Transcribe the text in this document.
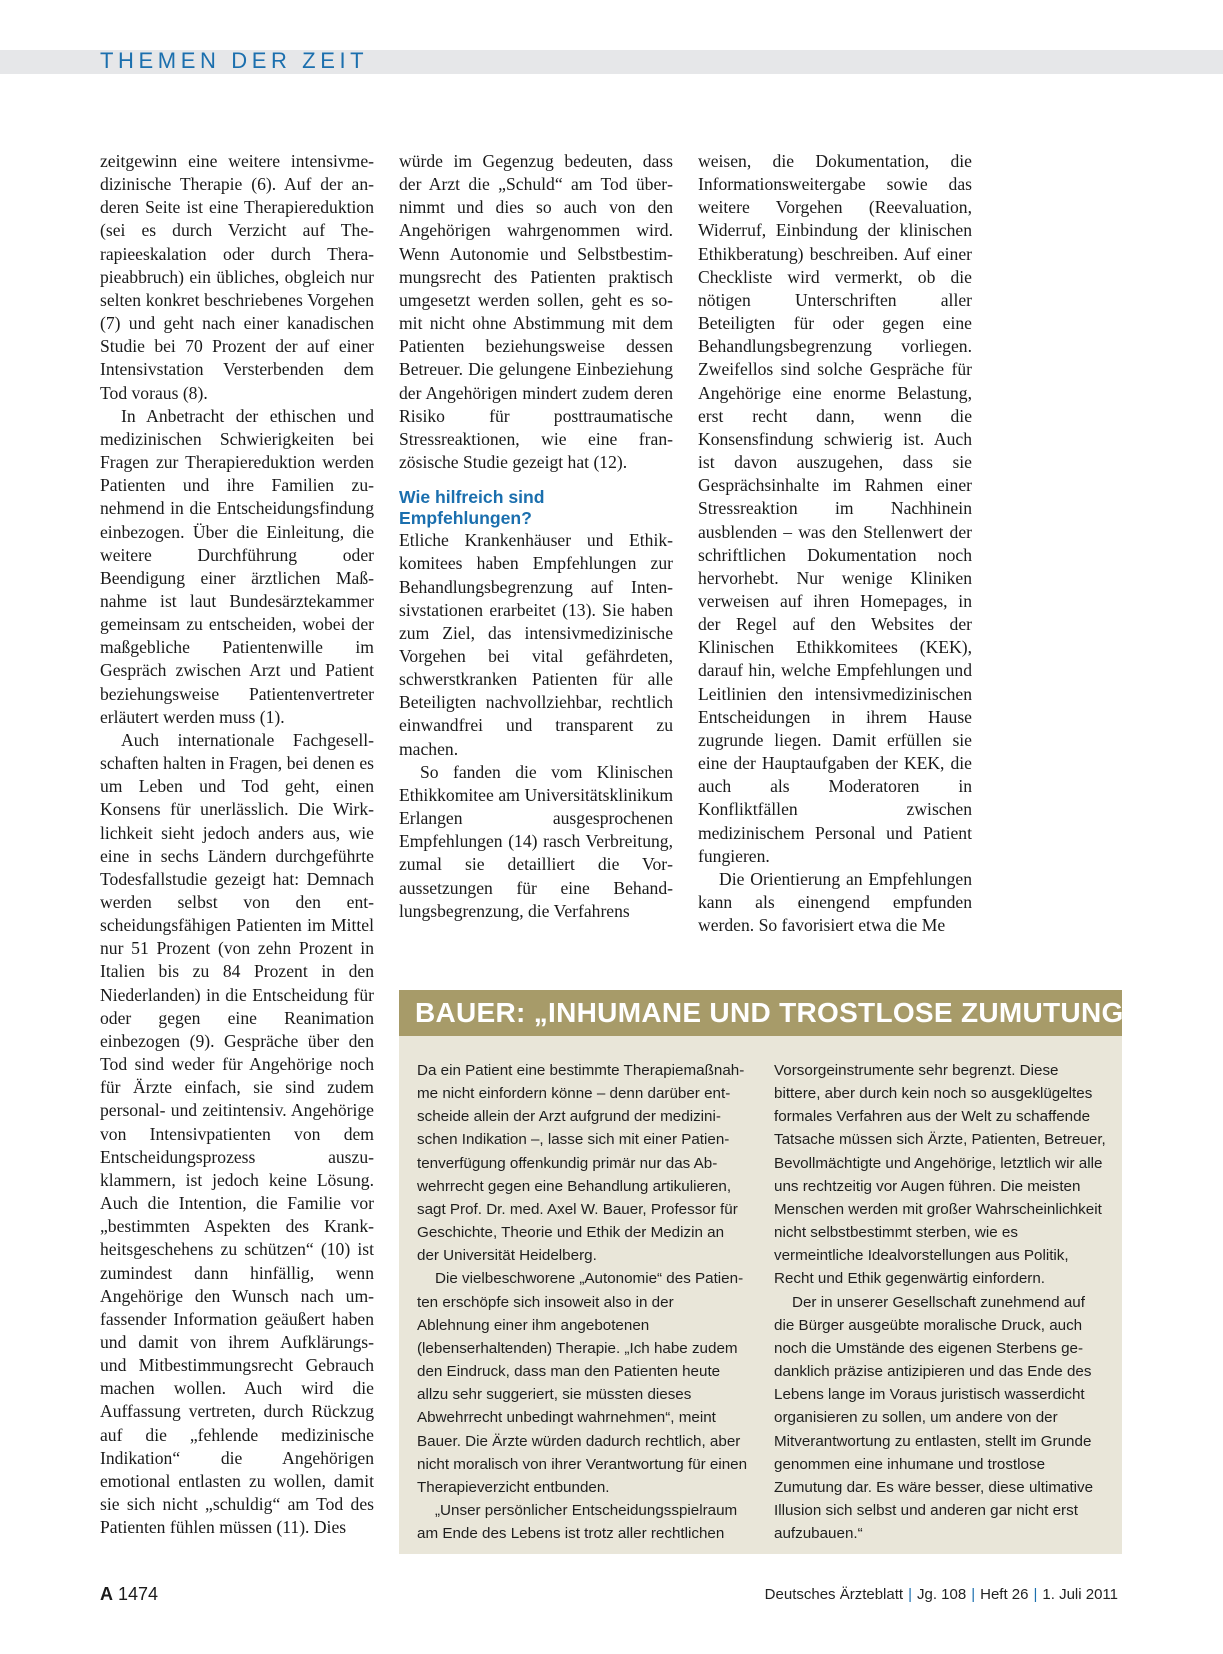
THEMEN DER ZEIT

zeitgewinn eine weitere intensivmedizinische Therapie (6). Auf der anderen Seite ist eine Therapiereduktion (sei es durch Verzicht auf Therapieeskalation oder durch Therapieabbruch) ein übliches, obgleich nur selten konkret beschriebenes Vorgehen (7) und geht nach einer kanadischen Studie bei 70 Prozent der auf einer Intensivstation Versterbenden dem Tod voraus (8).

In Anbetracht der ethischen und medizinischen Schwierigkeiten bei Fragen zur Therapiereduktion werden Patienten und ihre Familien zunehmend in die Entscheidungsfindung einbezogen. Über die Einleitung, die weitere Durchführung oder Beendigung einer ärztlichen Maßnahme ist laut Bundesärztekammer gemeinsam zu entscheiden, wobei der maßgebliche Patientenwille im Gespräch zwischen Arzt und Patient beziehungsweise Patientenvertreter erläutert werden muss (1).

Auch internationale Fachgesellschaften halten in Fragen, bei denen es um Leben und Tod geht, einen Konsens für unerlässlich. Die Wirklichkeit sieht jedoch anders aus, wie eine in sechs Ländern durchgeführte Todesfallstudie gezeigt hat: Demnach werden selbst von den entscheidungsfähigen Patienten im Mittel nur 51 Prozent (von zehn Prozent in Italien bis zu 84 Prozent in den Niederlanden) in die Entscheidung für oder gegen eine Reanimation einbezogen (9). Gespräche über den Tod sind weder für Angehörige noch für Ärzte einfach, sie sind zudem personal- und zeitintensiv. Angehörige von Intensivpatienten von dem Entscheidungsprozess auszuklammern, ist jedoch keine Lösung. Auch die Intention, die Familie vor „bestimmten Aspekten des Krankheitsgeschehens zu schützen“ (10) ist zumindest dann hinfällig, wenn Angehörige den Wunsch nach umfassender Information geäußert haben und damit von ihrem Aufklärungs- und Mitbestimmungsrecht Gebrauch machen wollen. Auch wird die Auffassung vertreten, durch Rückzug auf die „fehlende medizinische Indikation“ die Angehörigen emotional entlasten zu wollen, damit sie sich nicht „schuldig“ am Tod des Patienten fühlen müssen (11). Dies

würde im Gegenzug bedeuten, dass der Arzt die „Schuld“ am Tod übernimmt und dies so auch von den Angehörigen wahrgenommen wird. Wenn Autonomie und Selbstbestimmungsrecht des Patienten praktisch umgesetzt werden sollen, geht es somit nicht ohne Abstimmung mit dem Patienten beziehungsweise dessen Betreuer. Die gelungene Einbeziehung der Angehörigen mindert zudem deren Risiko für posttraumatische Stressreaktionen, wie eine französische Studie gezeigt hat (12).

Wie hilfreich sind
Empfehlungen?

Etliche Krankenhäuser und Ethikkomitees haben Empfehlungen zur Behandlungsbegrenzung auf Intensivstationen erarbeitet (13). Sie haben zum Ziel, das intensivmedizinische Vorgehen bei vital gefährdeten, schwerstkranken Patienten für alle Beteiligten nachvollziehbar, rechtlich einwandfrei und transparent zu machen.

So fanden die vom Klinischen Ethikkomitee am Universitätsklinikum Erlangen ausgesprochenen Empfehlungen (14) rasch Verbreitung, zumal sie detailliert die Voraussetzungen für eine Behandlungsbegrenzung, die Verfahrens

weisen, die Dokumentation, die Informationsweitergabe sowie das weitere Vorgehen (Reevaluation, Widerruf, Einbindung der klinischen Ethikberatung) beschreiben. Auf einer Checkliste wird vermerkt, ob die nötigen Unterschriften aller Beteiligten für oder gegen eine Behandlungsbegrenzung vorliegen. Zweifellos sind solche Gespräche für Angehörige eine enorme Belastung, erst recht dann, wenn die Konsensfindung schwierig ist. Auch ist davon auszugehen, dass sie Gesprächsinhalte im Rahmen einer Stressreaktion im Nachhinein ausblenden – was den Stellenwert der schriftlichen Dokumentation noch hervorhebt. Nur wenige Kliniken verweisen auf ihren Homepages, in der Regel auf den Websites der Klinischen Ethikkomitees (KEK), darauf hin, welche Empfehlungen und Leitlinien den intensivmedizinischen Entscheidungen in ihrem Hause zugrunde liegen. Damit erfüllen sie eine der Hauptaufgaben der KEK, die auch als Moderatoren in Konfliktfällen zwischen medizinischem Personal und Patient fungieren.

Die Orientierung an Empfehlungen kann als einengend empfunden werden. So favorisiert etwa die Me

BAUER: „INHUMANE UND TROSTLOSE ZUMUTUNG“

Da ein Patient eine bestimmte Therapiemaßnahme nicht einfordern könne – denn darüber entscheide allein der Arzt aufgrund der medizinischen Indikation –, lasse sich mit einer Patientenverfügung offenkundig primär nur das Abwehrrecht gegen eine Behandlung artikulieren, sagt Prof. Dr. med. Axel W. Bauer, Professor für Geschichte, Theorie und Ethik der Medizin an der Universität Heidelberg.

Die vielbeschworene „Autonomie“ des Patienten erschöpfe sich insoweit also in der Ablehnung einer ihm angebotenen (lebenserhaltenden) Therapie. „Ich habe zudem den Eindruck, dass man den Patienten heute allzu sehr suggeriert, sie müssten dieses Abwehrrecht unbedingt wahrnehmen“, meint Bauer. Die Ärzte würden dadurch rechtlich, aber nicht moralisch von ihrer Verantwortung für einen Therapieverzicht entbunden.

„Unser persönlicher Entscheidungsspielraum am Ende des Lebens ist trotz aller rechtlichen

Vorsorgeinstrumente sehr begrenzt. Diese bittere, aber durch kein noch so ausgeklügeltes formales Verfahren aus der Welt zu schaffende Tatsache müssen sich Ärzte, Patienten, Betreuer, Bevollmächtigte und Angehörige, letztlich wir alle uns rechtzeitig vor Augen führen. Die meisten Menschen werden mit großer Wahrscheinlichkeit nicht selbstbestimmt sterben, wie es vermeintliche Idealvorstellungen aus Politik, Recht und Ethik gegenwärtig einfordern.

Der in unserer Gesellschaft zunehmend auf die Bürger ausgeübte moralische Druck, auch noch die Umstände des eigenen Sterbens gedanklich präzise antizipieren und das Ende des Lebens lange im Voraus juristisch wasserdicht organisieren zu sollen, um andere von der Mitverantwortung zu entlasten, stellt im Grunde genommen eine inhumane und trostlose Zumutung dar. Es wäre besser, diese ultimative Illusion sich selbst und anderen gar nicht erst aufzubauen.“

A 1474	Deutsches Ärzteblatt | Jg. 108 | Heft 26 | 1. Juli 2011
